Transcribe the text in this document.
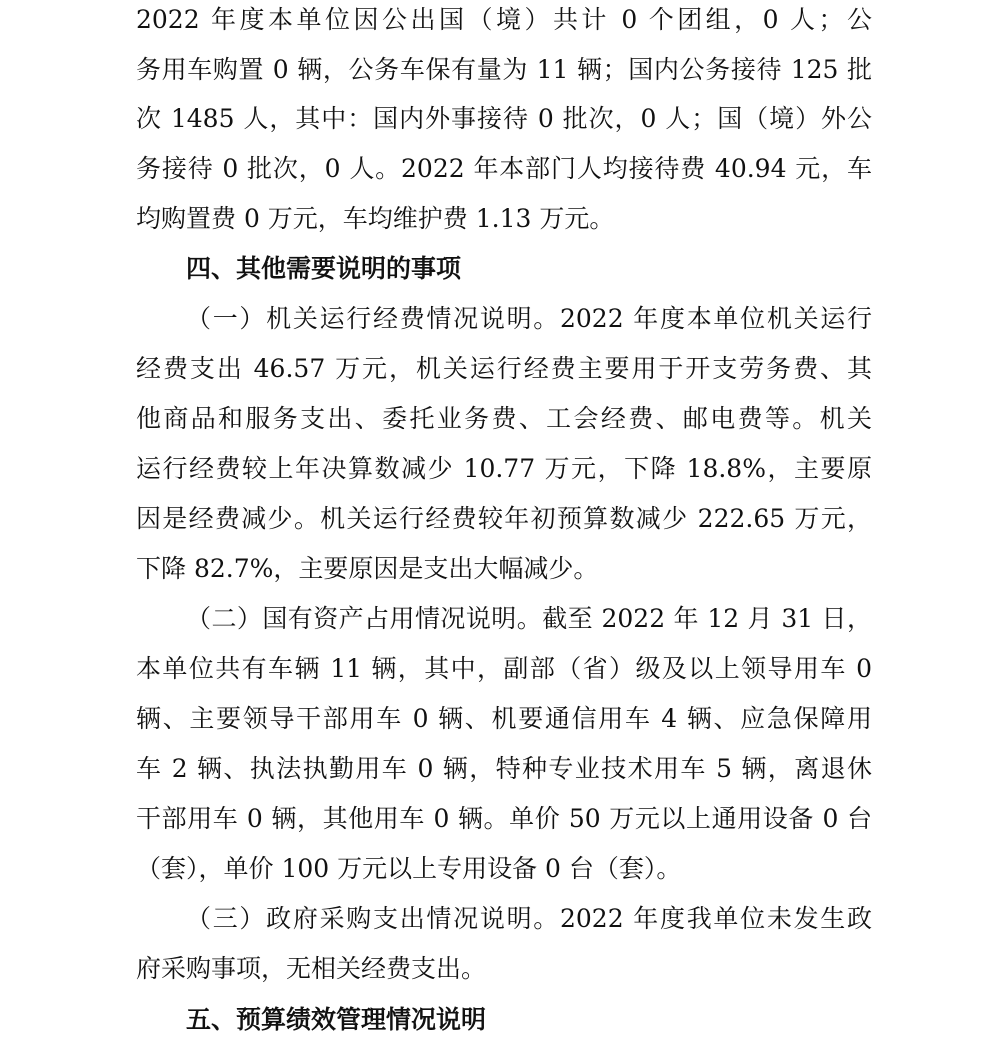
2022 年度本单位因公出国（境）共计 0 个团组，0 人；公
务用车购置 0 辆，公务车保有量为 11 辆；国内公务接待 125 批
次 1485 人，其中：国内外事接待 0 批次，0 人；国（境）外公
务接待 0 批次，0 人。2022 年本部门人均接待费 40.94 元，车
均购置费 0 万元，车均维护费 1.13 万元。
四、其他需要说明的事项
（一）机关运行经费情况说明。2022 年度本单位机关运行
经费支出 46.57 万元，机关运行经费主要用于开支劳务费、其
他商品和服务支出、委托业务费、工会经费、邮电费等。机关
运行经费较上年决算数减少 10.77 万元，下降 18.8%，主要原
因是经费减少。机关运行经费较年初预算数减少 222.65 万元，
下降 82.7%，主要原因是支出大幅减少。
（二）国有资产占用情况说明。截至 2022 年 12 月 31 日，
本单位共有车辆 11 辆，其中，副部（省）级及以上领导用车 0
辆、主要领导干部用车 0 辆、机要通信用车 4 辆、应急保障用
车 2 辆、执法执勤用车 0 辆，特种专业技术用车 5 辆，离退休
干部用车 0 辆，其他用车 0 辆。单价 50 万元以上通用设备 0 台
（套），单价 100 万元以上专用设备 0 台（套）。
（三）政府采购支出情况说明。2022 年度我单位未发生政
府采购事项，无相关经费支出。
五、预算绩效管理情况说明
